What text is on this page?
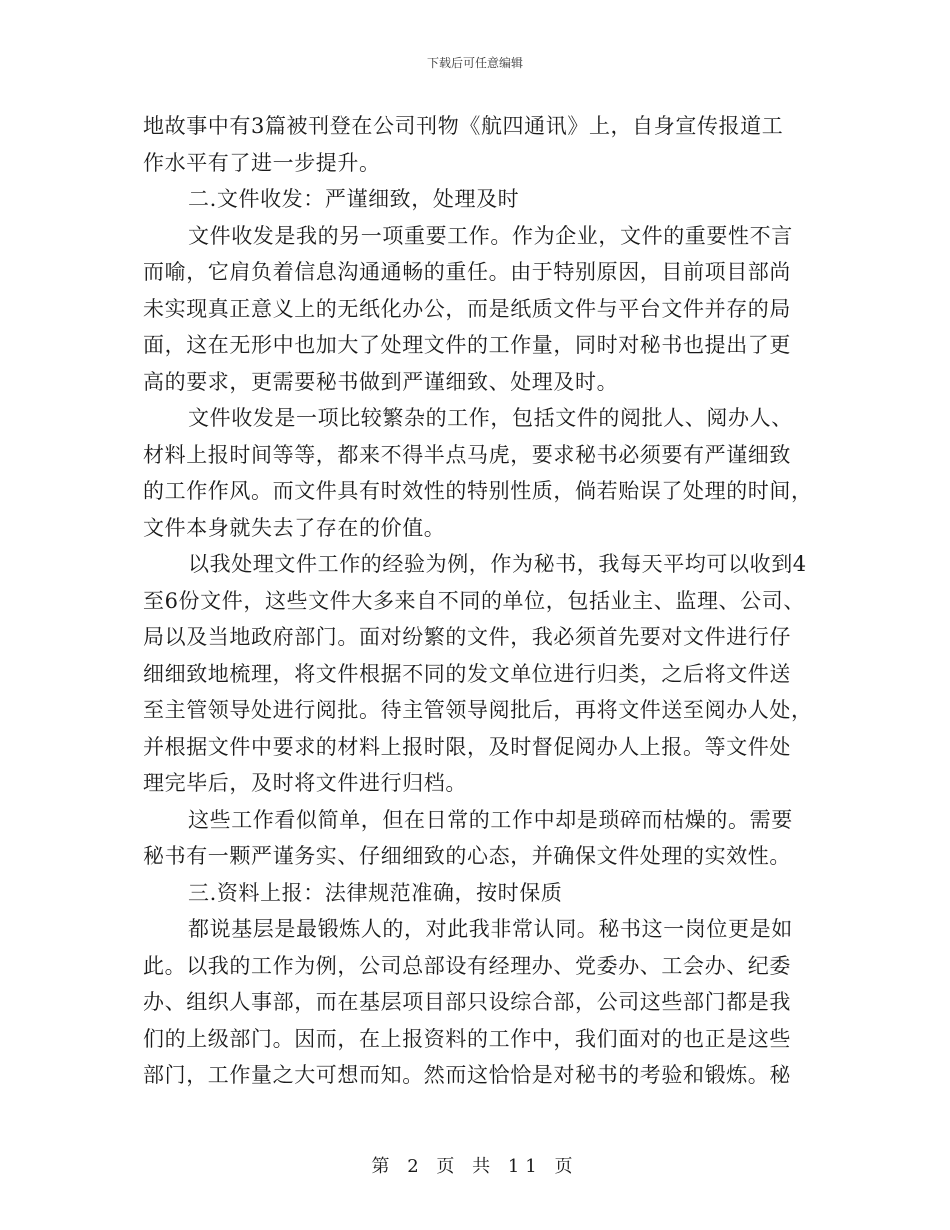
下载后可任意编辑
地故事中有3篇被刊登在公司刊物《航四通讯》上，自身宣传报道工
作水平有了进一步提升。
二.文件收发：严谨细致，处理及时
文件收发是我的另一项重要工作。作为企业，文件的重要性不言
而喻，它肩负着信息沟通通畅的重任。由于特别原因，目前项目部尚
未实现真正意义上的无纸化办公，而是纸质文件与平台文件并存的局
面，这在无形中也加大了处理文件的工作量，同时对秘书也提出了更
高的要求，更需要秘书做到严谨细致、处理及时。
文件收发是一项比较繁杂的工作，包括文件的阅批人、阅办人、
材料上报时间等等，都来不得半点马虎，要求秘书必须要有严谨细致
的工作作风。而文件具有时效性的特别性质，倘若贻误了处理的时间，
文件本身就失去了存在的价值。
以我处理文件工作的经验为例，作为秘书，我每天平均可以收到4
至6份文件，这些文件大多来自不同的单位，包括业主、监理、公司、
局以及当地政府部门。面对纷繁的文件，我必须首先要对文件进行仔
细细致地梳理，将文件根据不同的发文单位进行归类，之后将文件送
至主管领导处进行阅批。待主管领导阅批后，再将文件送至阅办人处，
并根据文件中要求的材料上报时限，及时督促阅办人上报。等文件处
理完毕后，及时将文件进行归档。
这些工作看似简单，但在日常的工作中却是琐碎而枯燥的。需要
秘书有一颗严谨务实、仔细细致的心态，并确保文件处理的实效性。
三.资料上报：法律规范准确，按时保质
都说基层是最锻炼人的，对此我非常认同。秘书这一岗位更是如
此。以我的工作为例，公司总部设有经理办、党委办、工会办、纪委
办、组织人事部，而在基层项目部只设综合部，公司这些部门都是我
们的上级部门。因而，在上报资料的工作中，我们面对的也正是这些
部门，工作量之大可想而知。然而这恰恰是对秘书的考验和锻炼。秘
第 2 页 共 11 页
